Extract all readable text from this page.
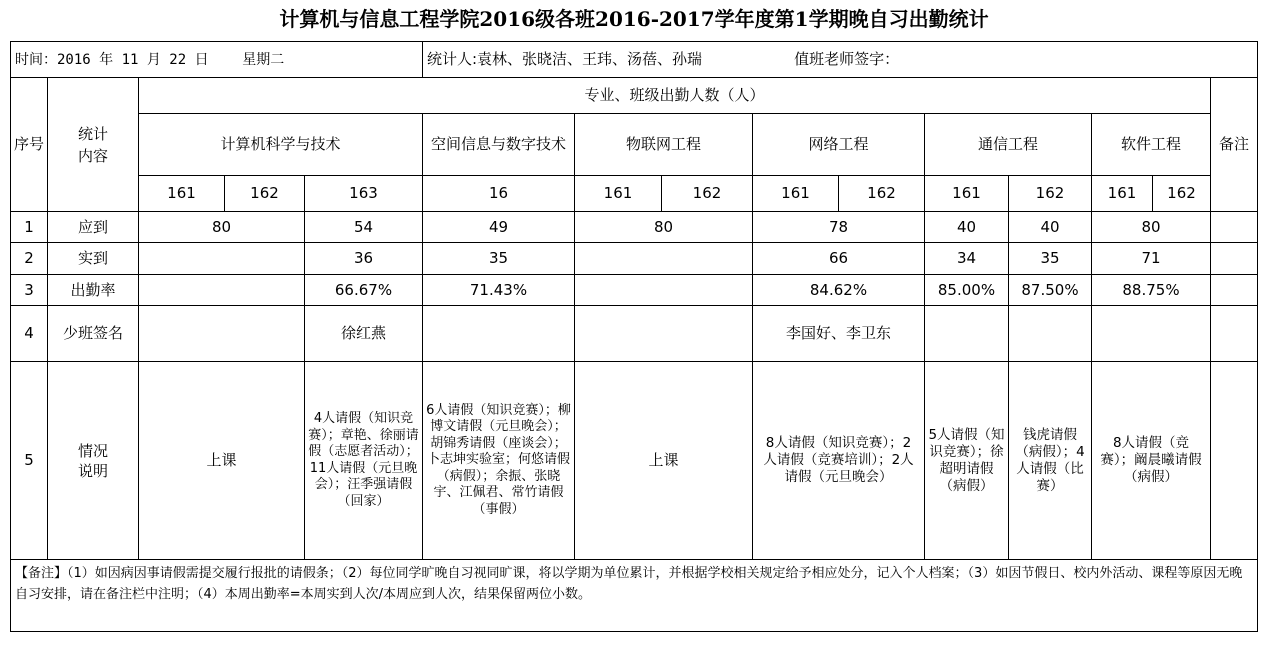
计算机与信息工程学院2016级各班2016-2017学年度第1学期晚自习出勤统计
时间：2016 年 11 月 22 日    星期二					统计人:袁林、张晓洁、王玮、汤蓓、孙瑞 值班老师签字：									
序号	统计
内容	专业、班级出勤人数（人）												备注
		计算机科学与技术			空间信息与数字技术	物联网工程		网络工程		通信工程		软件工程		
		161	162	163	16	161	162	161	162	161	162	161	162	
1	应到	80		54	49	80		78		40	40	80		
2	实到			36	35			66		34	35	71		
3	出勤率			66.67%	71.43%			84.62%		85.00%	87.50%	88.75%		
4	少班签名			徐红燕				李国好、李卫东						
5	情况
说明	上课		4人请假（知识竞赛）；章艳、徐丽请假（志愿者活动）；11人请假（元旦晚会）；汪季强请假（回家）	6人请假（知识竞赛）；柳博文请假（元旦晚会）；胡锦秀请假（座谈会）；卜志坤实验室；何悠请假（病假）；余振、张晓宇、江佩君、常竹请假（事假）	上课		8人请假（知识竞赛）；2人请假（竞赛培训）；2人请假（元旦晚会）		5人请假（知识竞赛）；徐超明请假（病假）	钱虎请假（病假）；4人请假（比赛）	8人请假（竞赛）；阚晨曦请假（病假）		
【备注】（1）如因病因事请假需提交履行报批的请假条；（2）每位同学旷晚自习视同旷课，将以学期为单位累计，并根据学校相关规定给予相应处分，记入个人档案；（3）如因节假日、校内外活动、课程等原因无晚自习安排，请在备注栏中注明；（4）本周出勤率=本周实到人次/本周应到人次，结果保留两位小数。														
